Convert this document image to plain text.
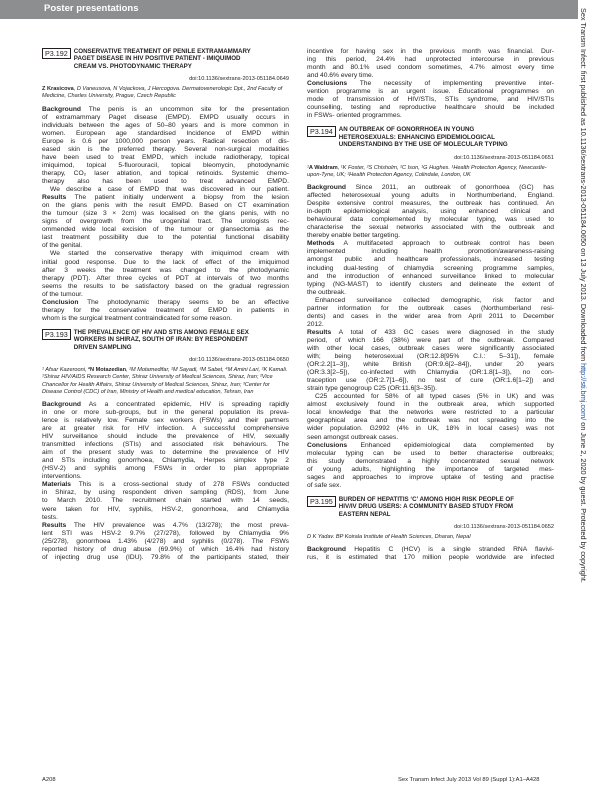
Poster presentations	Sex Transm Infect: first published as 10.1136/sextrans-2013-051184.0650 on 13 July 2013. Downloaded from http://sti.bmj.com/ on June 2, 2020 by guest. Protected by copyright.
P3.192 CONSERVATIVE TREATMENT OF PENILE EXTRAMAMMARY
PAGET DISEASE IN HIV POSITIVE PATIENT - IMIQUIMOD
CREAM VS. PHOTODYNAMIC THERAPY
doi:10.1136/sextrans-2013-051184.0649
Z Krasicova, D Vaneusova, N Vojackova, J Hercogova. Dermatovenerologic Dpt., 2nd Faculty of Medicine, Charles University, Prague, Czech Republic
Background The penis is an uncommon site for the presentation
of extramammary Paget disease (EMPD). EMPD usually occurs in
individuals between the ages of 50–80 years and is more common in
women. European age standardised Incidence of EMPD within
Europe is 0.6 per 1000,000 person years. Radical resection of dis-
eased skin is the preferred therapy. Several non-surgical modalities
have been used to treat EMPD, which include radiotherapy, topical
imiquimod, topical 5-fluorouracil, topical bleomycin, photodynamic
therapy, CO₂ laser ablation, and topical retinoids. Systemic chemo-
therapy also has been used to treat advanced EMPD.
We describe a case of EMPD that was discovered in our patient.
Results The patient initially underwent a biopsy from the lesion
on the glans penis with the result EMPD. Based on CT examination
the tumour (size 3 × 2cm) was localised on the glans penis, with no
signs of overgrowth from the urogenital tract. The urologists rec-
ommended wide local excision of the tumour or glansectomia as the
last treatment possibility due to the potential functional disability
of the genital.
We started the conservative therapy with imiquimod cream with
initial good response. Due to the lack of effect of the imiquimod
after 3 weeks the treatment was changed to the photodynamic
therapy (PDT). After three cycles of PDT at intervals of two months
seems the results to be satisfactory based on the gradual regression
of the tumour.
Conclusion The photodynamic therapy seems to be an effective
therapy for the conservative treatment of EMPD in patients in
whom is the surgical treatment contraindicated for some reason.
P3.193 THE PREVALENCE OF HIV AND STIS AMONG FEMALE SEX
WORKERS IN SHIRAZ, SOUTH OF IRAN: BY RESPONDENT
DRIVEN SAMPLING
doi:10.1136/sextrans-2013-051184.0650
¹ Afsar Kazerooni, ²N Motazedian, ²M Motamedifar, ²M Sayadi, ³M Sabet, ⁴M Amini Lari, ²K Kamali. ¹Shiraz HIV/AIDS Research Center, Shiraz University of Medical Sciences, Shiraz, Iran; ²Vice Chancellor for Health Affairs, Shiraz University of Medical Sciences, Shiraz, Iran; ³Center for Disease Control (CDC) of Iran, Ministry of Health and medical education, Tehran, Iran
Background As a concentrated epidemic, HIV is spreading rapidly
in one or more sub-groups, but in the general population its preva-
lence is relatively low. Female sex workers (FSWs) and their partners
are at greater risk for HIV infection. A successful comprehensive
HIV surveillance should include the prevalence of HIV, sexually
transmitted infections (STIs) and associated risk behaviours. The
aim of the present study was to determine the prevalence of HIV
and STIs including gonorrhoea, Chlamydia, Herpes simplex type 2
(HSV-2) and syphilis among FSWs in order to plan appropriate
interventions.
Materials This is a cross-sectional study of 278 FSWs conducted
in Shiraz, by using respondent driven sampling (RDS), from June
to March 2010. The recruitment chain started with 14 seeds,
were taken for HIV, syphilis, HSV-2, gonorrhoea, and Chlamydia
tests.
Results The HIV prevalence was 4.7% (13/278); the most preva-
lent STI was HSV-2 9.7% (27/278), followed by Chlamydia 9%
(25/278), gonorrhoea 1.43% (4/278) and syphilis (0/278). The FSWs
reported history of drug abuse (69.9%) of which 16.4% had history
of injecting drug use (IDU). 79.8% of the participants stated, their
incentive for having sex in the previous month was financial. Dur-
ing this period, 24.4% had unprotected intercourse in previous
month and 80.1% used condom sometimes, 4.7% almost every time
and 40.6% every time.
Conclusions The necessity of implementing preventive inter-
vention programme is an urgent issue. Educational programmes on
mode of transmission of HIV/STIs, STIs syndrome, and HIV/STIs
counselling, testing and reproductive healthcare should be included
in FSWs- oriented programmes.
P3.194 AN OUTBREAK OF GONORRHOEA IN YOUNG
HETEROSEXUALS: ENHANCING EPIDEMIOLOGICAL
UNDERSTANDING BY THE USE OF MOLECULAR TYPING
doi:10.1136/sextrans-2013-051184.0651
¹A Waldram, ¹K Foster, ²S Chisholm, ²C Ison, ¹G Hughes. ¹Health Protection Agency, Newcastle-upon-Tyne, UK; ²Health Protection Agency, Colindale, London, UK
Background Since 2011, an outbreak of gonorrhoea (GC) has
affected heterosexual young adults in Northumberland, England.
Despite extensive control measures, the outbreak has continued. An
in-depth epidemiological analysis, using enhanced clinical and
behavioural data complemented by molecular typing, was used to
characterise the sexual networks associated with the outbreak and
thereby enable better targeting.
Methods A multifaceted approach to outbreak control has been
implemented including health promotion/awareness-raising
amongst public and healthcare professionals, increased testing
including dual-testing of chlamydia screening programme samples,
and the introduction of enhanced surveillance linked to molecular
typing (NG-MAST) to identify clusters and delineate the extent of
the outbreak.
Enhanced surveillance collected demographic, risk factor and
partner information for the outbreak cases (Northumberland resi-
dents) and cases in the wider area from April 2011 to December
2012.
Results A total of 433 GC cases were diagnosed in the study
period, of which 166 (38%) were part of the outbreak. Compared
with other local cases, outbreak cases were significantly associated
with; being heterosexual (OR:12.8[95% C.I.: 5–31]), female
(OR:2.2[1–3]), white British (OR:9.6[2–84]), under 20 years
(OR:3.3[2–5]), co-infected with Chlamydia (OR:1.8[1–3]), no con-
traception use (OR:2.7[1–6]), no test of cure (OR:1.6[1–2]) and
strain type genogroup C25 (OR:11.6[3–35]).
C25 accounted for 58% of all typed cases (5% in UK) and was
almost exclusively found in the outbreak area, which supported
local knowledge that the networks were restricted to a particular
geographical area and the outbreak was not spreading into the
wider population. G2992 (4% in UK, 18% in local cases) was not
seen amongst outbreak cases.
Conclusions Enhanced epidemiological data complemented by
molecular typing can be used to better characterise outbreaks;
this study demonstrated a highly concentrated sexual network
of young adults, highlighting the importance of targeted mes-
sages and approaches to improve uptake of testing and practise
of safe sex.
P3.195 BURDEN OF HEPATITIS ‘C’ AMONG HIGH RISK PEOPLE OF
HIV/IV DRUG USERS: A COMMUNITY BASED STUDY FROM
EASTERN NEPAL
doi:10.1136/sextrans-2013-051184.0652
D K Yadav. BP Koirala Institute of Health Sciences, Dharan, Nepal
Background Hepatitis C (HCV) is a single stranded RNA flavivi-
rus, it is estimated that 170 million people worldwide are infected
A208	Sex Transm Infect July 2013 Vol 89 (Suppl 1):A1–A428
